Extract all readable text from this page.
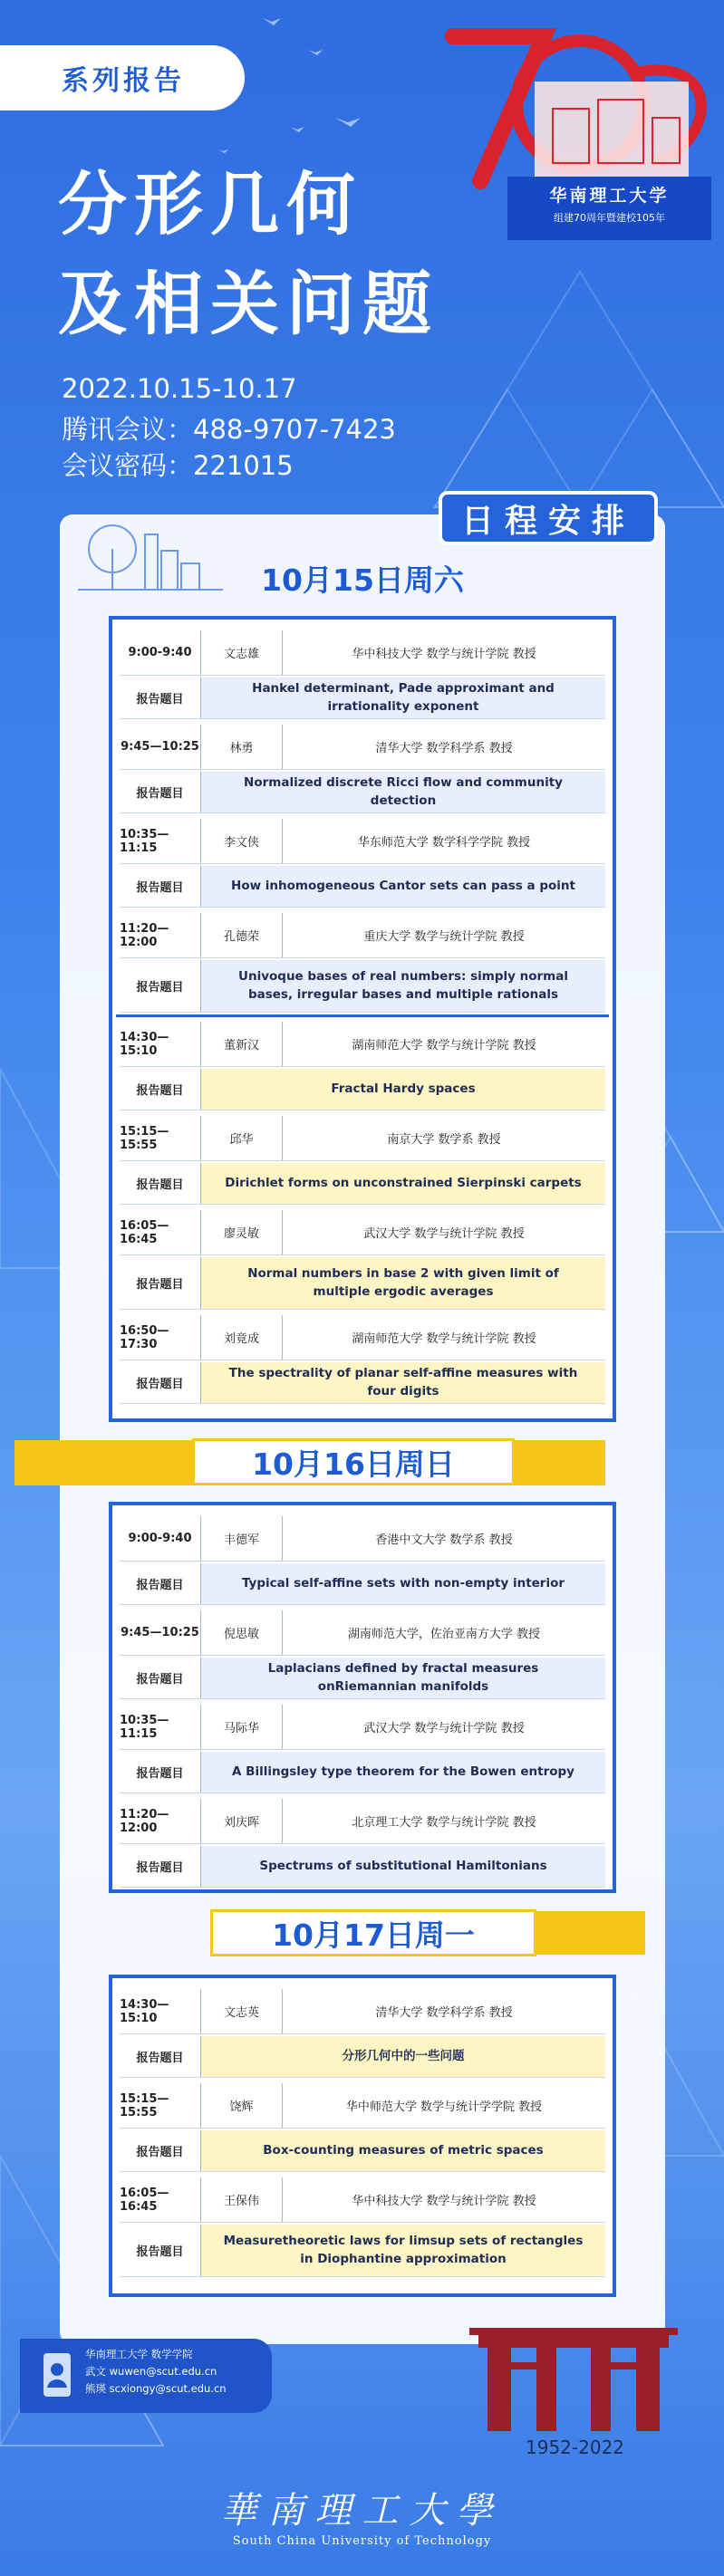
系列报告
分形几何
及相关问题
2022.10.15-10.17
腾讯会议：488-9707-7423
会议密码：221015
华南理工大学
组建70周年暨建校105年
日程安排
10月15日周六
9:00-9:40	文志雄	华中科技大学 数学与统计学院 教授
报告题目
Hankel determinant, Pade approximant and irrationality exponent
9:45—10:25	林勇	清华大学 数学科学系 教授
报告题目
Normalized discrete Ricci flow and community detection
10:35—11:15	李文侠	华东师范大学 数学科学学院 教授
报告题目	How inhomogeneous Cantor sets can pass a point
11:20—12:00	孔德荣	重庆大学 数学与统计学院 教授
报告题目
Univoque bases of real numbers: simply normal bases, irregular bases and multiple rationals
14:30—15:10	董新汉	湖南师范大学 数学与统计学院 教授
报告题目	Fractal Hardy spaces
15:15—15:55	邱华	南京大学 数学系 教授
报告题目	Dirichlet forms on unconstrained Sierpinski carpets
16:05—16:45	廖灵敏	武汉大学 数学与统计学院 教授
报告题目
Normal numbers in base 2 with given limit of multiple ergodic averages
16:50—17:30	刘竟成	湖南师范大学 数学与统计学院 教授
报告题目
The spectrality of planar self-affine measures with four digits
10月16日周日
9:00-9:40	丰德军	香港中文大学 数学系 教授
报告题目	Typical self-affine sets with non-empty interior
9:45—10:25	倪思敏	湖南师范大学，佐治亚南方大学 教授
报告题目
Laplacians defined by fractal measures onRiemannian manifolds
10:35—11:15	马际华	武汉大学 数学与统计学院 教授
报告题目	A Billingsley type theorem for the Bowen entropy
11:20—12:00	刘庆晖	北京理工大学 数学与统计学院 教授
报告题目	Spectrums of substitutional Hamiltonians
10月17日周一
14:30—15:10	文志英	清华大学 数学科学系 教授
报告题目	分形几何中的一些问题
15:15—15:55	饶辉	华中师范大学 数学与统计学学院 教授
报告题目	Box-counting measures of metric spaces
16:05—16:45	王保伟	华中科技大学 数学与统计学院 教授
报告题目
Measuretheoretic laws for limsup sets of rectangles in Diophantine approximation
华南理工大学 数学学院
武文 wuwen@scut.edu.cn
熊瑛 scxiongy@scut.edu.cn
1952-2022
華南理工大學
South China University of Technology
